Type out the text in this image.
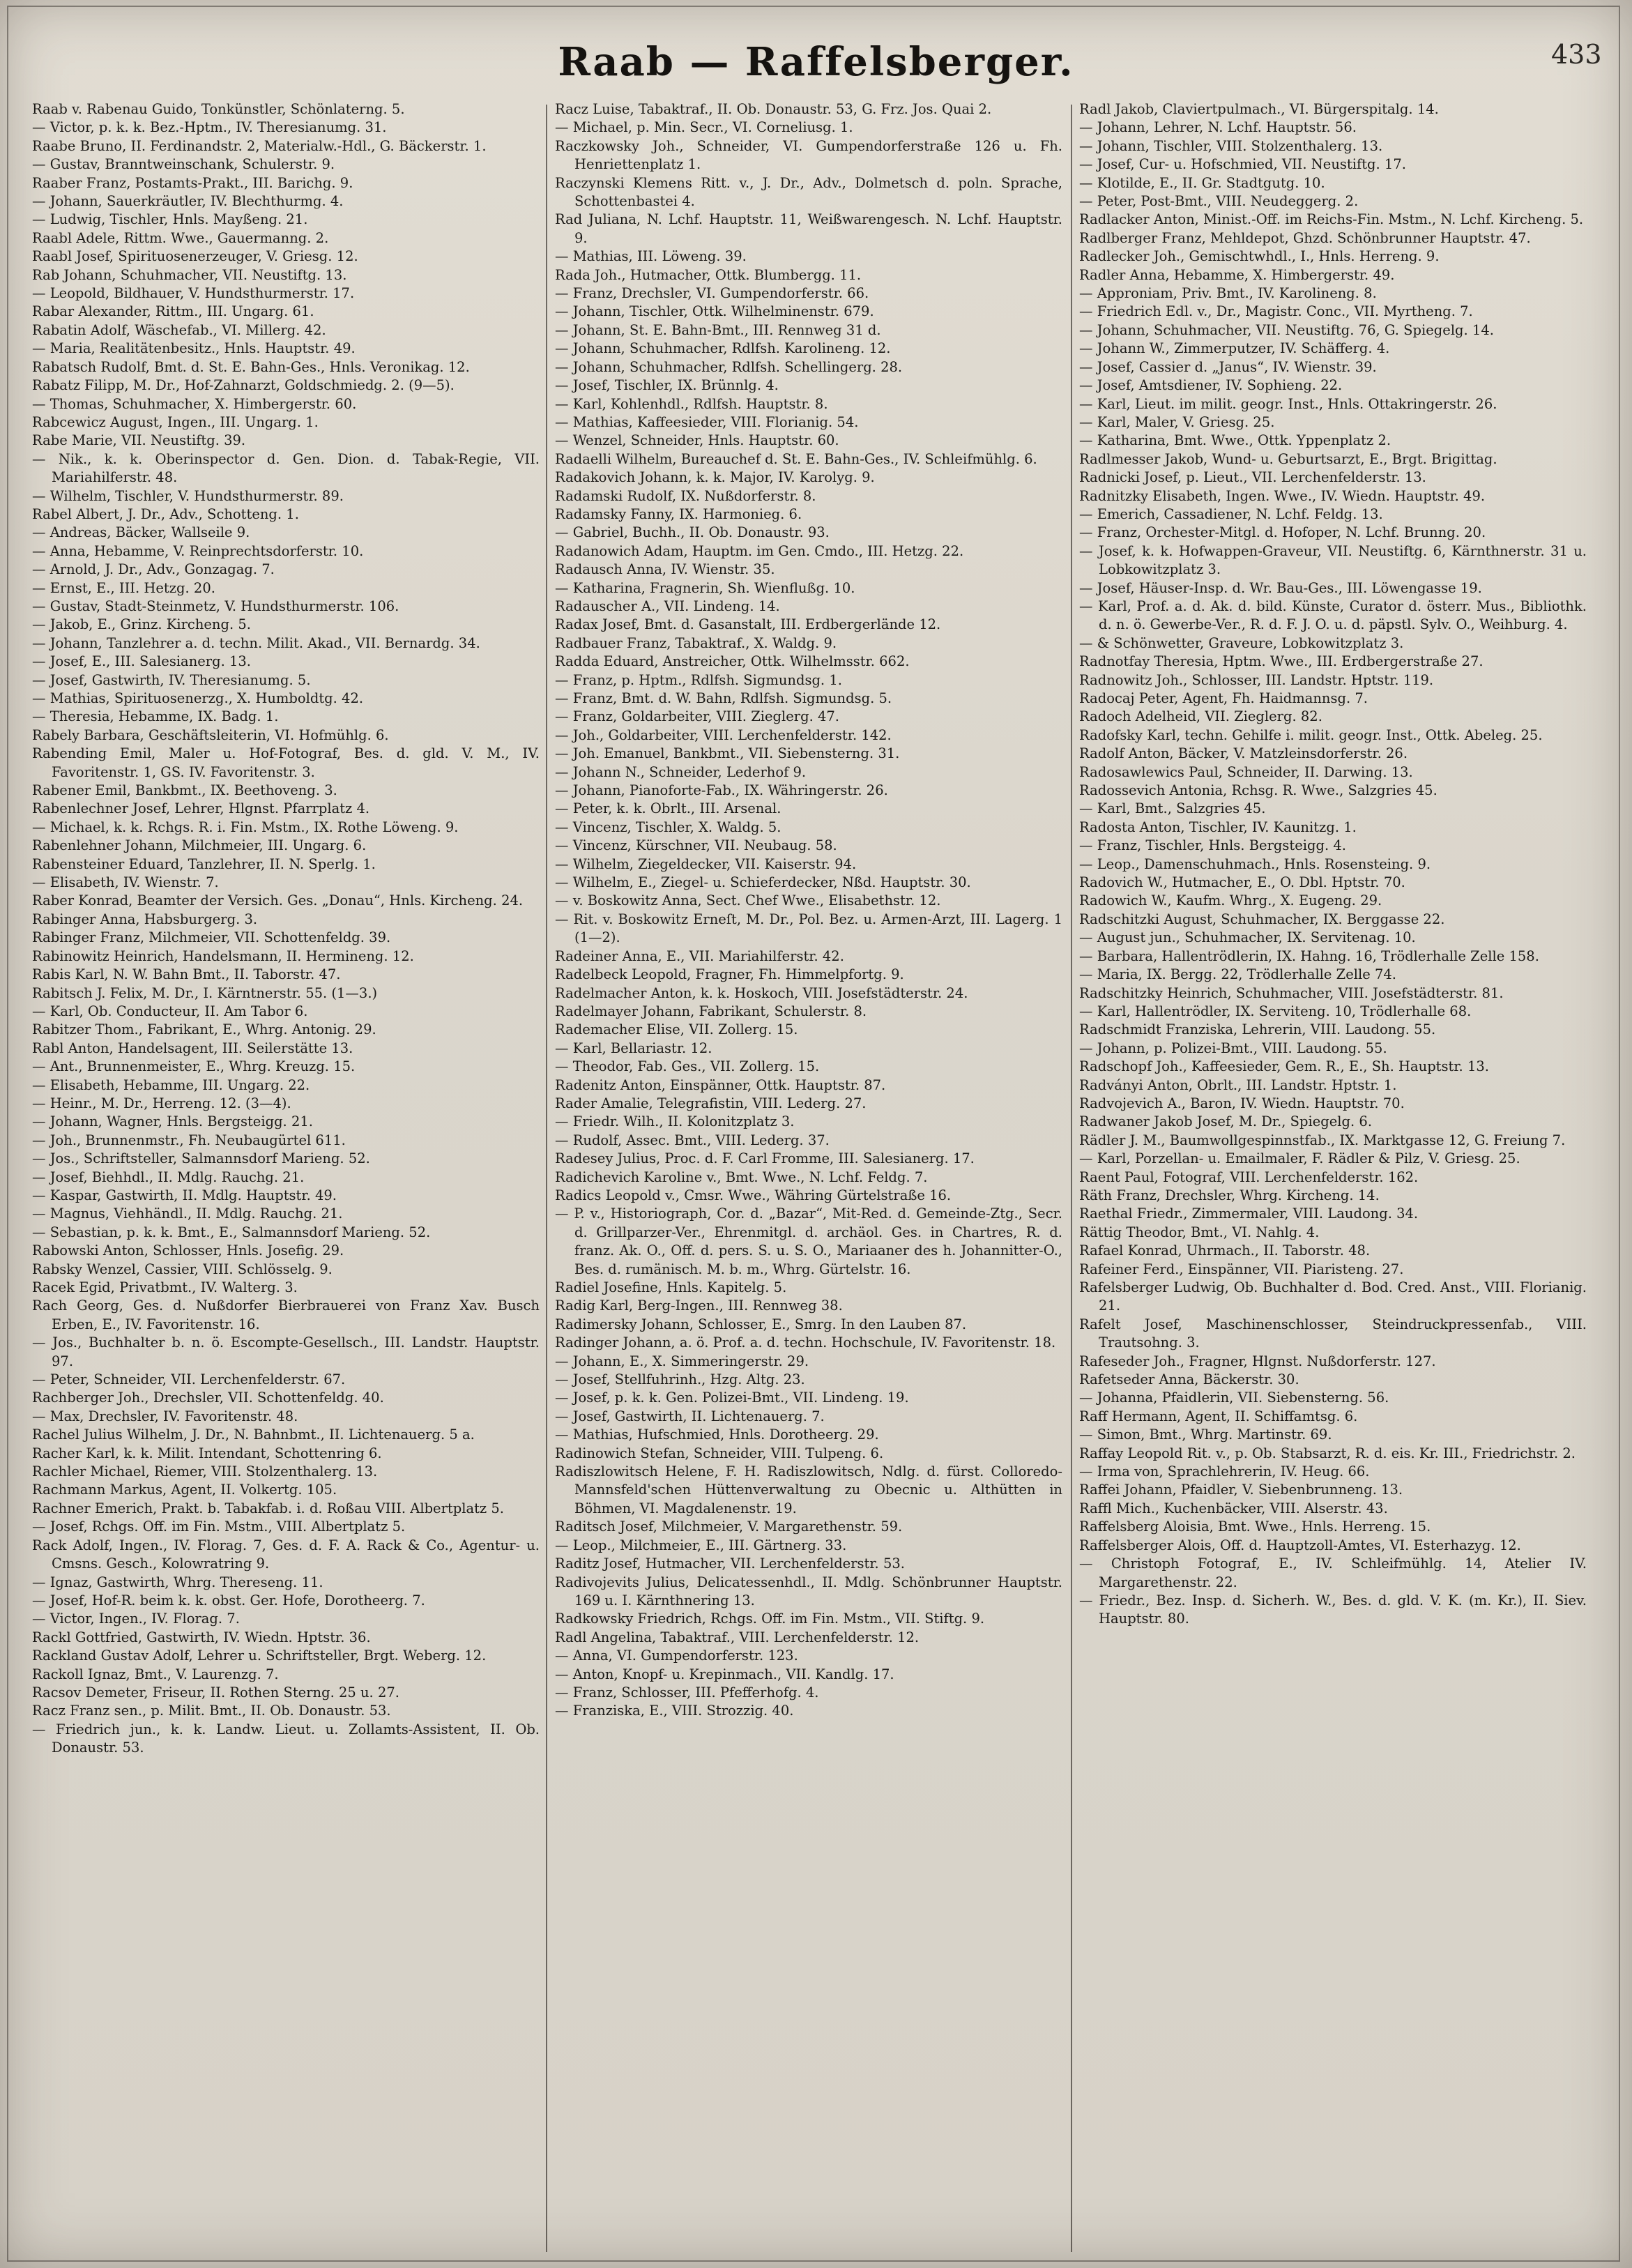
Raab — Raffelsberger.	433

Raab v. Rabenau Guido, Tonkünstler, Schönlaterng. 5.

— Victor, p. k. k. Bez.-Hptm., IV. Theresianumg. 31.

Raabe Bruno, II. Ferdinandstr. 2, Materialw.-Hdl., G. Bäckerstr. 1.

— Gustav, Branntweinschank, Schulerstr. 9.

Raaber Franz, Postamts-Prakt., III. Barichg. 9.

— Johann, Sauerkräutler, IV. Blechthurmg. 4.

— Ludwig, Tischler, Hnls. Mayßeng. 21.

Raabl Adele, Rittm. Wwe., Gauermanng. 2.

Raabl Josef, Spirituosenerzeuger, V. Griesg. 12.

Rab Johann, Schuhmacher, VII. Neustiftg. 13.

— Leopold, Bildhauer, V. Hundsthurmerstr. 17.

Rabar Alexander, Rittm., III. Ungarg. 61.

Rabatin Adolf, Wäschefab., VI. Millerg. 42.

— Maria, Realitätenbesitz., Hnls. Hauptstr. 49.

Rabatsch Rudolf, Bmt. d. St. E. Bahn-Ges., Hnls. Veronikag. 12.

Rabatz Filipp, M. Dr., Hof-Zahnarzt, Goldschmiedg. 2. (9—5).

— Thomas, Schuhmacher, X. Himbergerstr. 60.

Rabcewicz August, Ingen., III. Ungarg. 1.

Rabe Marie, VII. Neustiftg. 39.

— Nik., k. k. Oberinspector d. Gen. Dion. d. Tabak-Regie, VII. Mariahilferstr. 48.

— Wilhelm, Tischler, V. Hundsthurmerstr. 89.

Rabel Albert, J. Dr., Adv., Schotteng. 1.

— Andreas, Bäcker, Wallseile 9.

— Anna, Hebamme, V. Reinprechtsdorferstr. 10.

— Arnold, J. Dr., Adv., Gonzagag. 7.

— Ernst, E., III. Hetzg. 20.

— Gustav, Stadt-Steinmetz, V. Hundsthurmerstr. 106.

— Jakob, E., Grinz. Kircheng. 5.

— Johann, Tanzlehrer a. d. techn. Milit. Akad., VII. Bernardg. 34.

— Josef, E., III. Salesianerg. 13.

— Josef, Gastwirth, IV. Theresianumg. 5.

— Mathias, Spirituosenerzg., X. Humboldtg. 42.

— Theresia, Hebamme, IX. Badg. 1.

Rabely Barbara, Geschäftsleiterin, VI. Hofmühlg. 6.

Rabending Emil, Maler u. Hof-Fotograf, Bes. d. gld. V. M., IV. Favoritenstr. 1, GS. IV. Favoritenstr. 3.

Rabener Emil, Bankbmt., IX. Beethoveng. 3.

Rabenlechner Josef, Lehrer, Hlgnst. Pfarrplatz 4.

— Michael, k. k. Rchgs. R. i. Fin. Mstm., IX. Rothe Löweng. 9.

Rabenlehner Johann, Milchmeier, III. Ungarg. 6.

Rabensteiner Eduard, Tanzlehrer, II. N. Sperlg. 1.

— Elisabeth, IV. Wienstr. 7.

Raber Konrad, Beamter der Versich. Ges. „Donau“, Hnls. Kircheng. 24.

Rabinger Anna, Habsburgerg. 3.

Rabinger Franz, Milchmeier, VII. Schottenfeldg. 39.

Rabinowitz Heinrich, Handelsmann, II. Hermineng. 12.

Rabis Karl, N. W. Bahn Bmt., II. Taborstr. 47.

Rabitsch J. Felix, M. Dr., I. Kärntnerstr. 55. (1—3.)

— Karl, Ob. Conducteur, II. Am Tabor 6.

Rabitzer Thom., Fabrikant, E., Whrg. Antonig. 29.

Rabl Anton, Handelsagent, III. Seilerstätte 13.

— Ant., Brunnenmeister, E., Whrg. Kreuzg. 15.

— Elisabeth, Hebamme, III. Ungarg. 22.

— Heinr., M. Dr., Herreng. 12. (3—4).

— Johann, Wagner, Hnls. Bergsteigg. 21.

— Joh., Brunnenmstr., Fh. Neubaugürtel 611.

— Jos., Schriftsteller, Salmannsdorf Marieng. 52.

— Josef, Biehhdl., II. Mdlg. Rauchg. 21.

— Kaspar, Gastwirth, II. Mdlg. Hauptstr. 49.

— Magnus, Viehhändl., II. Mdlg. Rauchg. 21.

— Sebastian, p. k. k. Bmt., E., Salmannsdorf Marieng. 52.

Rabowski Anton, Schlosser, Hnls. Josefig. 29.

Rabsky Wenzel, Cassier, VIII. Schlösselg. 9.

Racek Egid, Privatbmt., IV. Walterg. 3.

Rach Georg, Ges. d. Nußdorfer Bierbrauerei von Franz Xav. Busch Erben, E., IV. Favoritenstr. 16.

— Jos., Buchhalter b. n. ö. Escompte-Gesellsch., III. Landstr. Hauptstr. 97.

— Peter, Schneider, VII. Lerchenfelderstr. 67.

Rachberger Joh., Drechsler, VII. Schottenfeldg. 40.

— Max, Drechsler, IV. Favoritenstr. 48.

Rachel Julius Wilhelm, J. Dr., N. Bahnbmt., II. Lichtenauerg. 5 a.

Racher Karl, k. k. Milit. Intendant, Schottenring 6.

Rachler Michael, Riemer, VIII. Stolzenthalerg. 13.

Rachmann Markus, Agent, II. Volkertg. 105.

Rachner Emerich, Prakt. b. Tabakfab. i. d. Roßau VIII. Albertplatz 5.

— Josef, Rchgs. Off. im Fin. Mstm., VIII. Albertplatz 5.

Rack Adolf, Ingen., IV. Florag. 7, Ges. d. F. A. Rack & Co., Agentur- u. Cmsns. Gesch., Kolowratring 9.

— Ignaz, Gastwirth, Whrg. Thereseng. 11.

— Josef, Hof-R. beim k. k. obst. Ger. Hofe, Dorotheerg. 7.

— Victor, Ingen., IV. Florag. 7.

Rackl Gottfried, Gastwirth, IV. Wiedn. Hptstr. 36.

Rackland Gustav Adolf, Lehrer u. Schriftsteller, Brgt. Weberg. 12.

Rackoll Ignaz, Bmt., V. Laurenzg. 7.

Racsov Demeter, Friseur, II. Rothen Sterng. 25 u. 27.

Racz Franz sen., p. Milit. Bmt., II. Ob. Donaustr. 53.

— Friedrich jun., k. k. Landw. Lieut. u. Zollamts-Assistent, II. Ob. Donaustr. 53.

Racz Luise, Tabaktraf., II. Ob. Donaustr. 53, G. Frz. Jos. Quai 2.

— Michael, p. Min. Secr., VI. Corneliusg. 1.

Raczkowsky Joh., Schneider, VI. Gumpendorferstraße 126 u. Fh. Henriettenplatz 1.

Raczynski Klemens Ritt. v., J. Dr., Adv., Dolmetsch d. poln. Sprache, Schottenbastei 4.

Rad Juliana, N. Lchf. Hauptstr. 11, Weißwarengesch. N. Lchf. Hauptstr. 9.

— Mathias, III. Löweng. 39.

Rada Joh., Hutmacher, Ottk. Blumbergg. 11.

— Franz, Drechsler, VI. Gumpendorferstr. 66.

— Johann, Tischler, Ottk. Wilhelminenstr. 679.

— Johann, St. E. Bahn-Bmt., III. Rennweg 31 d.

— Johann, Schuhmacher, Rdlfsh. Karolineng. 12.

— Johann, Schuhmacher, Rdlfsh. Schellingerg. 28.

— Josef, Tischler, IX. Brünnlg. 4.

— Karl, Kohlenhdl., Rdlfsh. Hauptstr. 8.

— Mathias, Kaffeesieder, VIII. Florianig. 54.

— Wenzel, Schneider, Hnls. Hauptstr. 60.

Radaelli Wilhelm, Bureauchef d. St. E. Bahn-Ges., IV. Schleifmühlg. 6.

Radakovich Johann, k. k. Major, IV. Karolyg. 9.

Radamski Rudolf, IX. Nußdorferstr. 8.

Radamsky Fanny, IX. Harmonieg. 6.

— Gabriel, Buchh., II. Ob. Donaustr. 93.

Radanowich Adam, Hauptm. im Gen. Cmdo., III. Hetzg. 22.

Radausch Anna, IV. Wienstr. 35.

— Katharina, Fragnerin, Sh. Wienflußg. 10.

Radauscher A., VII. Lindeng. 14.

Radax Josef, Bmt. d. Gasanstalt, III. Erdbergerlände 12.

Radbauer Franz, Tabaktraf., X. Waldg. 9.

Radda Eduard, Anstreicher, Ottk. Wilhelmsstr. 662.

— Franz, p. Hptm., Rdlfsh. Sigmundsg. 1.

— Franz, Bmt. d. W. Bahn, Rdlfsh. Sigmundsg. 5.

— Franz, Goldarbeiter, VIII. Zieglerg. 47.

— Joh., Goldarbeiter, VIII. Lerchenfelderstr. 142.

— Joh. Emanuel, Bankbmt., VII. Siebensterng. 31.

— Johann N., Schneider, Lederhof 9.

— Johann, Pianoforte-Fab., IX. Währingerstr. 26.

— Peter, k. k. Obrlt., III. Arsenal.

— Vincenz, Tischler, X. Waldg. 5.

— Vincenz, Kürschner, VII. Neubaug. 58.

— Wilhelm, Ziegeldecker, VII. Kaiserstr. 94.

— Wilhelm, E., Ziegel- u. Schieferdecker, Nßd. Hauptstr. 30.

— v. Boskowitz Anna, Sect. Chef Wwe., Elisabethstr. 12.

— Rit. v. Boskowitz Erneſt, M. Dr., Pol. Bez. u. Armen-Arzt, III. Lagerg. 1 (1—2).

Radeiner Anna, E., VII. Mariahilferstr. 42.

Radelbeck Leopold, Fragner, Fh. Himmelpfortg. 9.

Radelmacher Anton, k. k. Hoskoch, VIII. Josefstädterstr. 24.

Radelmayer Johann, Fabrikant, Schulerstr. 8.

Rademacher Elise, VII. Zollerg. 15.

— Karl, Bellariastr. 12.

— Theodor, Fab. Ges., VII. Zollerg. 15.

Radenitz Anton, Einspänner, Ottk. Hauptstr. 87.

Rader Amalie, Telegrafistin, VIII. Lederg. 27.

— Friedr. Wilh., II. Kolonitzplatz 3.

— Rudolf, Assec. Bmt., VIII. Lederg. 37.

Radesey Julius, Proc. d. F. Carl Fromme, III. Salesianerg. 17.

Radichevich Karoline v., Bmt. Wwe., N. Lchf. Feldg. 7.

Radics Leopold v., Cmsr. Wwe., Währing Gürtelstraße 16.

— P. v., Historiograph, Cor. d. „Bazar“, Mit-Red. d. Gemeinde-Ztg., Secr. d. Grillparzer-Ver., Ehrenmitgl. d. archäol. Ges. in Chartres, R. d. franz. Ak. O., Off. d. pers. S. u. S. O., Mariaaner des h. Johannitter-O., Bes. d. rumänisch. M. b. m., Whrg. Gürtelstr. 16.

Radiel Josefine, Hnls. Kapitelg. 5.

Radig Karl, Berg-Ingen., III. Rennweg 38.

Radimersky Johann, Schlosser, E., Smrg. In den Lauben 87.

Radinger Johann, a. ö. Prof. a. d. techn. Hochschule, IV. Favoritenstr. 18.

— Johann, E., X. Simmeringerstr. 29.

— Josef, Stellfuhrinh., Hzg. Altg. 23.

— Josef, p. k. k. Gen. Polizei-Bmt., VII. Lindeng. 19.

— Josef, Gastwirth, II. Lichtenauerg. 7.

— Mathias, Hufschmied, Hnls. Dorotheerg. 29.

Radinowich Stefan, Schneider, VIII. Tulpeng. 6.

Radiszlowitsch Helene, F. H. Radiszlowitsch, Ndlg. d. fürst. Colloredo-Mannsfeld'schen Hüttenverwaltung zu Obecnic u. Althütten in Böhmen, VI. Magdalenenstr. 19.

Raditsch Josef, Milchmeier, V. Margarethenstr. 59.

— Leop., Milchmeier, E., III. Gärtnerg. 33.

Raditz Josef, Hutmacher, VII. Lerchenfelderstr. 53.

Radivojevits Julius, Delicatessenhdl., II. Mdlg. Schönbrunner Hauptstr. 169 u. I. Kärnthnering 13.

Radkowsky Friedrich, Rchgs. Off. im Fin. Mstm., VII. Stiftg. 9.

Radl Angelina, Tabaktraf., VIII. Lerchenfelderstr. 12.

— Anna, VI. Gumpendorferstr. 123.

— Anton, Knopf- u. Krepinmach., VII. Kandlg. 17.

— Franz, Schlosser, III. Pfefferhofg. 4.

— Franziska, E., VIII. Strozzig. 40.

Radl Jakob, Claviertpulmach., VI. Bürgerspitalg. 14.

— Johann, Lehrer, N. Lchf. Hauptstr. 56.

— Johann, Tischler, VIII. Stolzenthalerg. 13.

— Josef, Cur- u. Hofschmied, VII. Neustiftg. 17.

— Klotilde, E., II. Gr. Stadtgutg. 10.

— Peter, Post-Bmt., VIII. Neudeggerg. 2.

Radlacker Anton, Minist.-Off. im Reichs-Fin. Mstm., N. Lchf. Kircheng. 5.

Radlberger Franz, Mehldepot, Ghzd. Schönbrunner Hauptstr. 47.

Radlecker Joh., Gemischtwhdl., I., Hnls. Herreng. 9.

Radler Anna, Hebamme, X. Himbergerstr. 49.

— Approniam, Priv. Bmt., IV. Karolineng. 8.

— Friedrich Edl. v., Dr., Magistr. Conc., VII. Myrtheng. 7.

— Johann, Schuhmacher, VII. Neustiftg. 76, G. Spiegelg. 14.

— Johann W., Zimmerputzer, IV. Schäfferg. 4.

— Josef, Cassier d. „Janus“, IV. Wienstr. 39.

— Josef, Amtsdiener, IV. Sophieng. 22.

— Karl, Lieut. im milit. geogr. Inst., Hnls. Ottakringerstr. 26.

— Karl, Maler, V. Griesg. 25.

— Katharina, Bmt. Wwe., Ottk. Yppenplatz 2.

Radlmesser Jakob, Wund- u. Geburtsarzt, E., Brgt. Brigittag.

Radnicki Josef, p. Lieut., VII. Lerchenfelderstr. 13.

Radnitzky Elisabeth, Ingen. Wwe., IV. Wiedn. Hauptstr. 49.

— Emerich, Cassadiener, N. Lchf. Feldg. 13.

— Franz, Orchester-Mitgl. d. Hofoper, N. Lchf. Brunng. 20.

— Josef, k. k. Hofwappen-Graveur, VII. Neustiftg. 6, Kärnthnerstr. 31 u. Lobkowitzplatz 3.

— Josef, Häuser-Insp. d. Wr. Bau-Ges., III. Löwengasse 19.

— Karl, Prof. a. d. Ak. d. bild. Künste, Curator d. österr. Mus., Bibliothk. d. n. ö. Gewerbe-Ver., R. d. F. J. O. u. d. päpstl. Sylv. O., Weihburg. 4.

— & Schönwetter, Graveure, Lobkowitzplatz 3.

Radnotfay Theresia, Hptm. Wwe., III. Erdbergerstraße 27.

Radnowitz Joh., Schlosser, III. Landstr. Hptstr. 119.

Radocaj Peter, Agent, Fh. Haidmannsg. 7.

Radoch Adelheid, VII. Zieglerg. 82.

Radofsky Karl, techn. Gehilfe i. milit. geogr. Inst., Ottk. Abeleg. 25.

Radolf Anton, Bäcker, V. Matzleinsdorferstr. 26.

Radosawlewics Paul, Schneider, II. Darwing. 13.

Radossevich Antonia, Rchsg. R. Wwe., Salzgries 45.

— Karl, Bmt., Salzgries 45.

Radosta Anton, Tischler, IV. Kaunitzg. 1.

— Franz, Tischler, Hnls. Bergsteigg. 4.

— Leop., Damenschuhmach., Hnls. Rosensteing. 9.

Radovich W., Hutmacher, E., O. Dbl. Hptstr. 70.

Radowich W., Kaufm. Whrg., X. Eugeng. 29.

Radschitzki August, Schuhmacher, IX. Berggasse 22.

— August jun., Schuhmacher, IX. Servitenag. 10.

— Barbara, Hallentrödlerin, IX. Hahng. 16, Trödlerhalle Zelle 158.

— Maria, IX. Bergg. 22, Trödlerhalle Zelle 74.

Radschitzky Heinrich, Schuhmacher, VIII. Josefstädterstr. 81.

— Karl, Hallentrödler, IX. Serviteng. 10, Trödlerhalle 68.

Radschmidt Franziska, Lehrerin, VIII. Laudong. 55.

— Johann, p. Polizei-Bmt., VIII. Laudong. 55.

Radschopf Joh., Kaffeesieder, Gem. R., E., Sh. Hauptstr. 13.

Radványi Anton, Obrlt., III. Landstr. Hptstr. 1.

Radvojevich A., Baron, IV. Wiedn. Hauptstr. 70.

Radwaner Jakob Josef, M. Dr., Spiegelg. 6.

Rädler J. M., Baumwollgespinnstfab., IX. Marktgasse 12, G. Freiung 7.

— Karl, Porzellan- u. Emailmaler, F. Rädler & Pilz, V. Griesg. 25.

Raent Paul, Fotograf, VIII. Lerchenfelderstr. 162.

Räth Franz, Drechsler, Whrg. Kircheng. 14.

Raethal Friedr., Zimmermaler, VIII. Laudong. 34.

Rättig Theodor, Bmt., VI. Nahlg. 4.

Rafael Konrad, Uhrmach., II. Taborstr. 48.

Rafeiner Ferd., Einspänner, VII. Piaristeng. 27.

Rafelsberger Ludwig, Ob. Buchhalter d. Bod. Cred. Anst., VIII. Florianig. 21.

Rafelt Josef, Maschinenschlosser, Steindruckpressenfab., VIII. Trautsohng. 3.

Rafeseder Joh., Fragner, Hlgnst. Nußdorferstr. 127.

Rafetseder Anna, Bäckerstr. 30.

— Johanna, Pfaidlerin, VII. Siebensterng. 56.

Raff Hermann, Agent, II. Schiffamtsg. 6.

— Simon, Bmt., Whrg. Martinstr. 69.

Raffay Leopold Rit. v., p. Ob. Stabsarzt, R. d. eis. Kr. III., Friedrichstr. 2.

— Irma von, Sprachlehrerin, IV. Heug. 66.

Raffei Johann, Pfaidler, V. Siebenbrunneng. 13.

Raffl Mich., Kuchenbäcker, VIII. Alserstr. 43.

Raffelsberg Aloisia, Bmt. Wwe., Hnls. Herreng. 15.

Raffelsberger Alois, Off. d. Hauptzoll-Amtes, VI. Esterhazyg. 12.

— Christoph Fotograf, E., IV. Schleifmühlg. 14, Atelier IV. Margarethenstr. 22.

— Friedr., Bez. Insp. d. Sicherh. W., Bes. d. gld. V. K. (m. Kr.), II. Siev. Hauptstr. 80.
